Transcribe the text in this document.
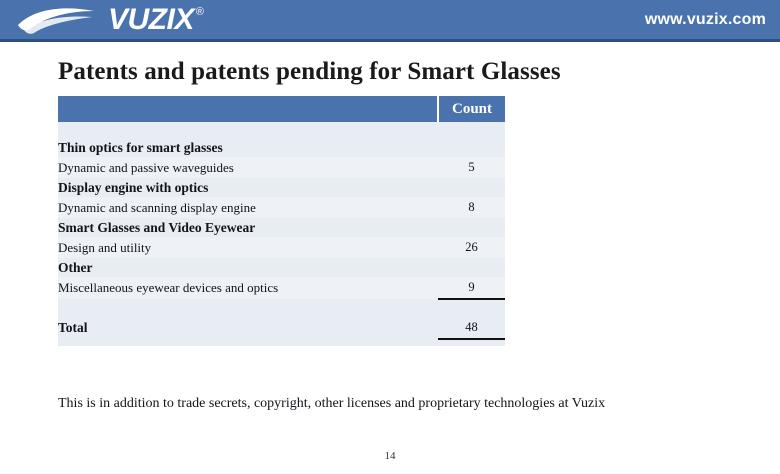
VUZIX ®	www.vuzix.com
Patents and patents pending for Smart Glasses
	Count

Thin optics for smart glasses	
Dynamic and passive waveguides	5
Display engine with optics	
Dynamic and scanning display engine	8
Smart Glasses and Video Eyewear	
Design and utility	26
Other	
Miscellaneous eyewear devices and optics	9

Total	48

This is in addition to trade secrets, copyright, other licenses and proprietary technologies at Vuzix
14
